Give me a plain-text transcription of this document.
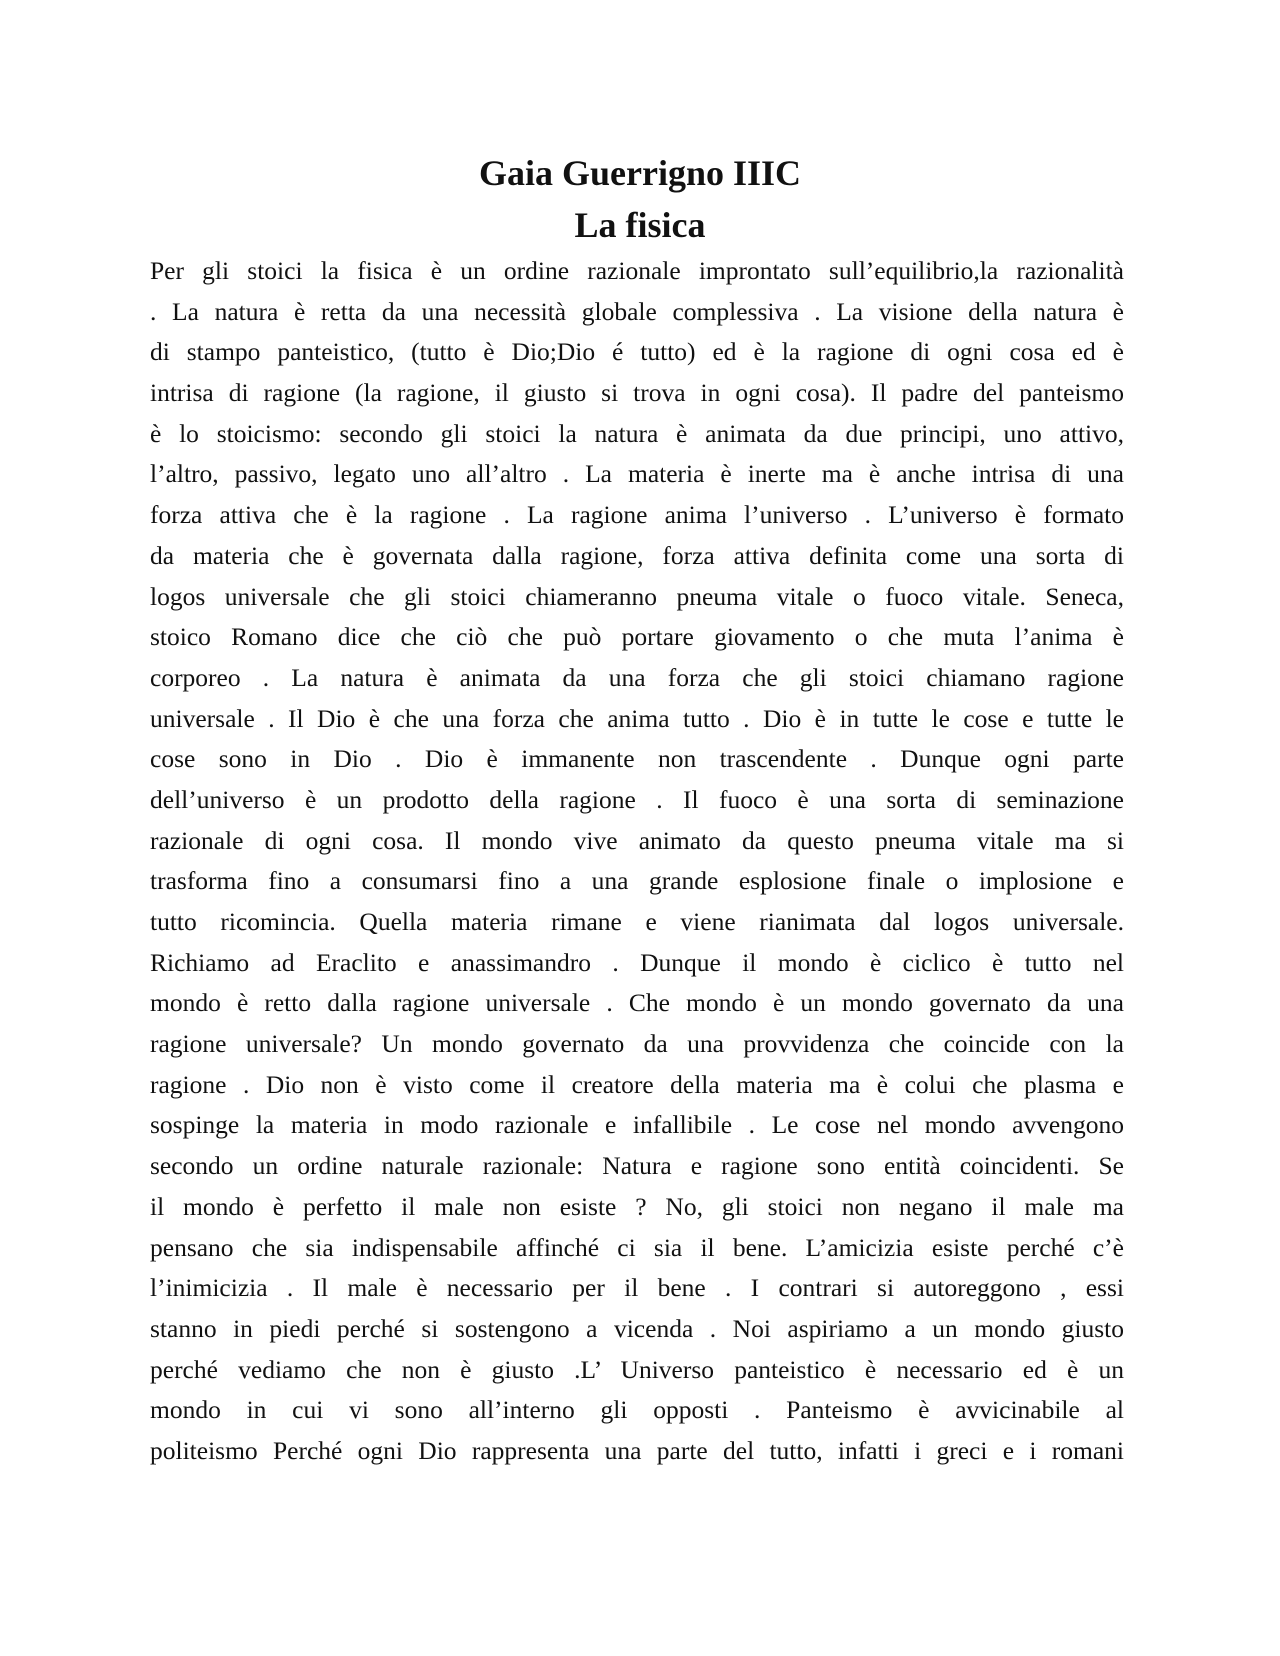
Gaia Guerrigno IIIC
La fisica
Per gli stoici la fisica è un ordine razionale improntato sull’equilibrio,la razionalità
. La natura è retta da una necessità globale complessiva . La visione della natura è
di stampo panteistico, (tutto è Dio;Dio é tutto) ed è la ragione di ogni cosa ed è
intrisa di ragione (la ragione, il giusto si trova in ogni cosa). Il padre del panteismo
è lo stoicismo: secondo gli stoici la natura è animata da due principi, uno attivo,
l’altro, passivo, legato uno all’altro . La materia è inerte ma è anche intrisa di una
forza attiva che è la ragione . La ragione anima l’universo . L’universo è formato
da materia che è governata dalla ragione, forza attiva definita come una sorta di
logos universale che gli stoici chiameranno pneuma vitale o fuoco vitale. Seneca,
stoico Romano dice che ciò che può portare giovamento o che muta l’anima è
corporeo . La natura è animata da una forza che gli stoici chiamano ragione
universale . Il Dio è che una forza che anima tutto . Dio è in tutte le cose e tutte le
cose sono in Dio . Dio è immanente non trascendente . Dunque ogni parte
dell’universo è un prodotto della ragione . Il fuoco è una sorta di seminazione
razionale di ogni cosa. Il mondo vive animato da questo pneuma vitale ma si
trasforma fino a consumarsi fino a una grande esplosione finale o implosione e
tutto ricomincia. Quella materia rimane e viene rianimata dal logos universale.
Richiamo ad Eraclito e anassimandro . Dunque il mondo è ciclico è tutto nel
mondo è retto dalla ragione universale . Che mondo è un mondo governato da una
ragione universale? Un mondo governato da una provvidenza che coincide con la
ragione . Dio non è visto come il creatore della materia ma è colui che plasma e
sospinge la materia in modo razionale e infallibile . Le cose nel mondo avvengono
secondo un ordine naturale razionale: Natura e ragione sono entità coincidenti. Se
il mondo è perfetto il male non esiste ? No, gli stoici non negano il male ma
pensano che sia indispensabile affinché ci sia il bene. L’amicizia esiste perché c’è
l’inimicizia . Il male è necessario per il bene . I contrari si autoreggono , essi
stanno in piedi perché si sostengono a vicenda . Noi aspiriamo a un mondo giusto
perché vediamo che non è giusto .L’ Universo panteistico è necessario ed è un
mondo in cui vi sono all’interno gli opposti . Panteismo è avvicinabile al
politeismo Perché ogni Dio rappresenta una parte del tutto, infatti i greci e i romani
